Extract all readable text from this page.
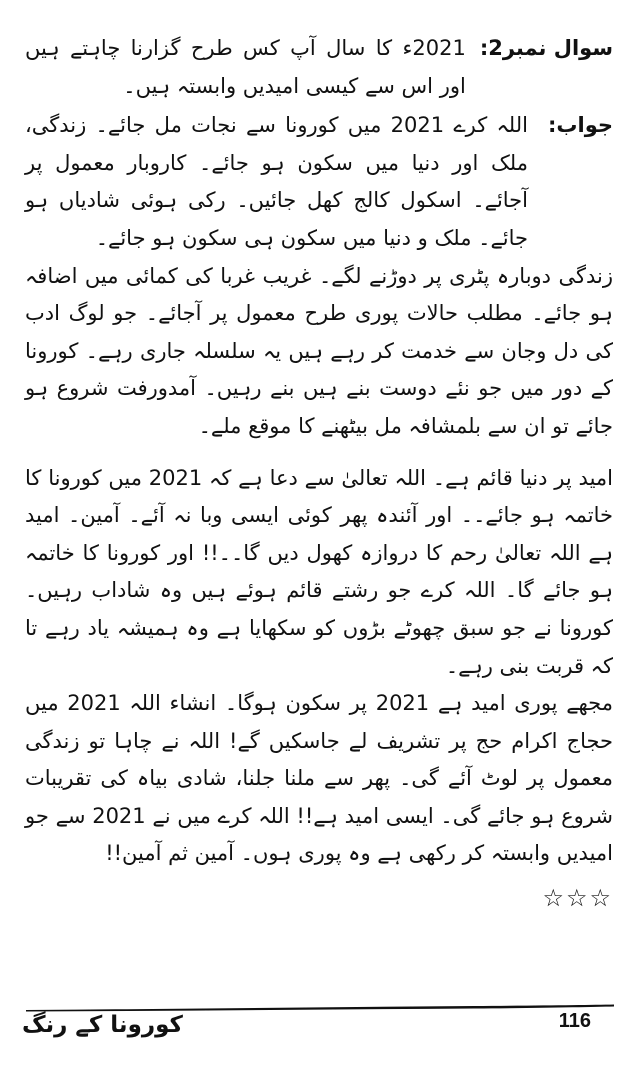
سوال نمبر2:
2021ء کا سال آپ کس طرح گزارنا چاہتے ہیں اور اس سے کیسی امیدیں وابستہ ہیں۔
جواب:

اللہ کرے 2021 میں کورونا سے نجات مل جائے۔ زندگی، ملک اور دنیا میں سکون ہو جائے۔ کاروبار معمول پر آجائے۔ اسکول کالج کھل جائیں۔ رکی ہوئی شادیاں ہو جائے۔ ملک و دنیا میں سکون ہی سکون ہو جائے۔

زندگی دوبارہ پٹری پر دوڑنے لگے۔ غریب غربا کی کمائی میں اضافہ ہو جائے۔ مطلب حالات پوری طرح معمول پر آجائے۔ جو لوگ ادب کی دل وجان سے خدمت کر رہے ہیں یہ سلسلہ جاری رہے۔ کورونا کے دور میں جو نئے دوست بنے ہیں بنے رہیں۔ آمدورفت شروع ہو جائے تو ان سے بلمشافہ مل بیٹھنے کا موقع ملے۔

امید پر دنیا قائم ہے۔ اللہ تعالیٰ سے دعا ہے کہ 2021 میں کورونا کا خاتمہ ہو جائے۔۔ اور آئندہ پھر کوئی ایسی وبا نہ آئے۔ آمین۔ امید ہے اللہ تعالیٰ رحم کا دروازہ کھول دیں گا۔۔!! اور کورونا کا خاتمہ ہو جائے گا۔ اللہ کرے جو رشتے قائم ہوئے ہیں وہ شاداب رہیں۔ کورونا نے جو سبق چھوٹے بڑوں کو سکھایا ہے وہ ہمیشہ یاد رہے تا کہ قربت بنی رہے۔

مجھے پوری امید ہے 2021 پر سکون ہوگا۔ انشاء اللہ 2021 میں حجاج اکرام حج پر تشریف لے جاسکیں گے! اللہ نے چاہا تو زندگی معمول پر لوٹ آئے گی۔ پھر سے ملنا جلنا، شادی بیاہ کی تقریبات شروع ہو جائے گی۔ ایسی امید ہے!! اللہ کرے میں نے 2021 سے جو امیدیں وابستہ کر رکھی ہے وہ پوری ہوں۔ آمین ثم آمین!!

☆☆☆
116
کورونا کے رنگ
